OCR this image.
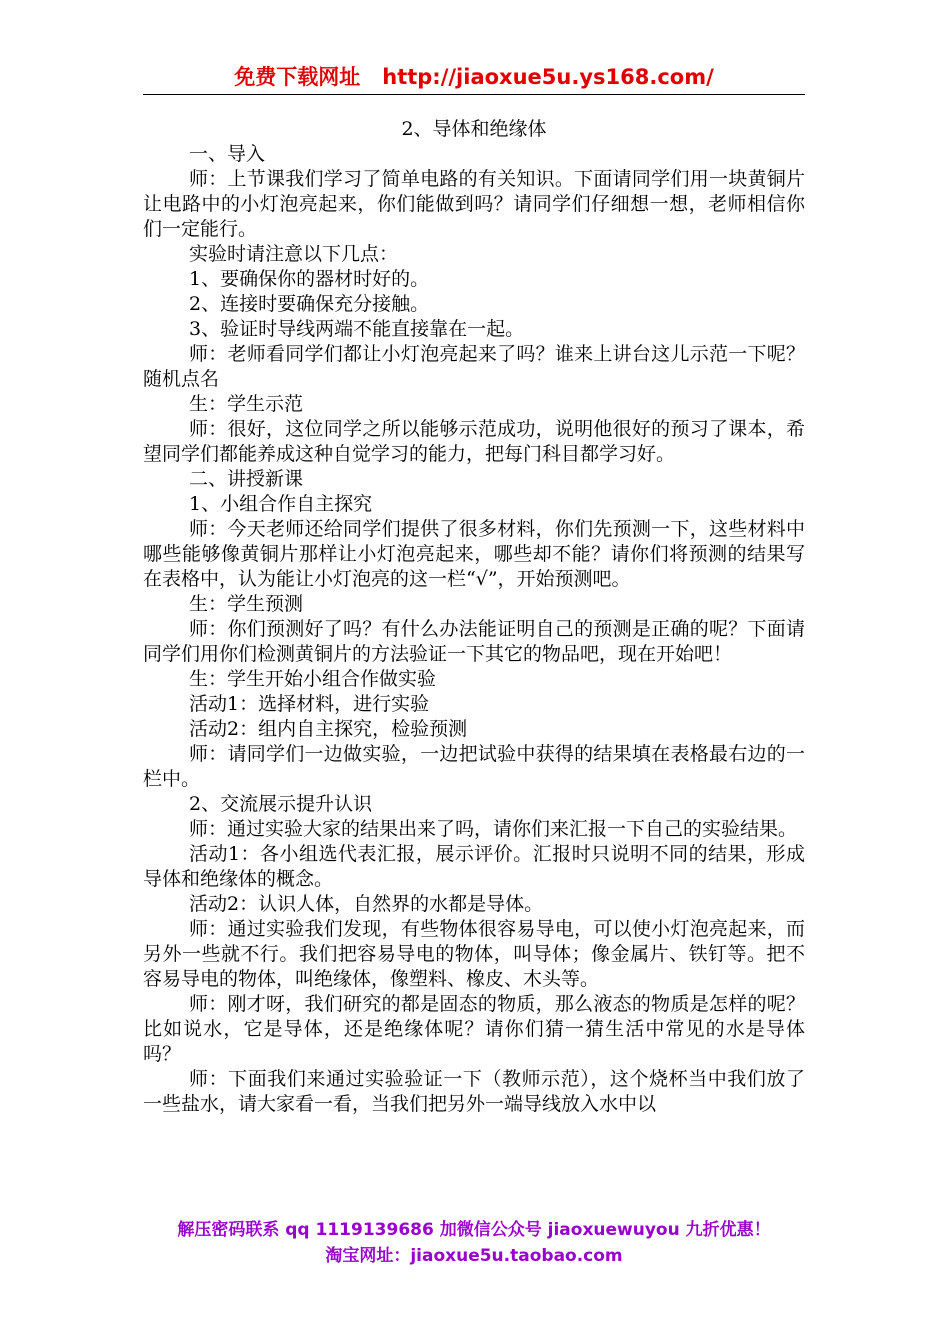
免费下载网址 http://jiaoxue5u.ys168.com/

2、导体和绝缘体

一、导入

师：上节课我们学习了简单电路的有关知识。下面请同学们用一块黄铜片让电路中的小灯泡亮起来，你们能做到吗？请同学们仔细想一想，老师相信你们一定能行。

实验时请注意以下几点：

1、要确保你的器材时好的。

2、连接时要确保充分接触。

3、验证时导线两端不能直接靠在一起。

师：老师看同学们都让小灯泡亮起来了吗？谁来上讲台这儿示范一下呢？随机点名

生：学生示范

师：很好，这位同学之所以能够示范成功，说明他很好的预习了课本，希望同学们都能养成这种自觉学习的能力，把每门科目都学习好。

二、讲授新课

1、小组合作自主探究

师：今天老师还给同学们提供了很多材料，你们先预测一下，这些材料中哪些能够像黄铜片那样让小灯泡亮起来，哪些却不能？请你们将预测的结果写在表格中，认为能让小灯泡亮的这一栏“√”，开始预测吧。

生：学生预测

师：你们预测好了吗？有什么办法能证明自己的预测是正确的呢？下面请同学们用你们检测黄铜片的方法验证一下其它的物品吧，现在开始吧！

生：学生开始小组合作做实验

活动1：选择材料，进行实验

活动2：组内自主探究，检验预测

师：请同学们一边做实验，一边把试验中获得的结果填在表格最右边的一栏中。

2、交流展示提升认识

师：通过实验大家的结果出来了吗，请你们来汇报一下自己的实验结果。

活动1：各小组选代表汇报，展示评价。汇报时只说明不同的结果，形成导体和绝缘体的概念。

活动2：认识人体，自然界的水都是导体。

师：通过实验我们发现，有些物体很容易导电，可以使小灯泡亮起来，而另外一些就不行。我们把容易导电的物体，叫导体；像金属片、铁钉等。把不容易导电的物体，叫绝缘体，像塑料、橡皮、木头等。

师：刚才呀，我们研究的都是固态的物质，那么液态的物质是怎样的呢？比如说水，它是导体，还是绝缘体呢？请你们猜一猜生活中常见的水是导体吗？

师：下面我们来通过实验验证一下（教师示范），这个烧杯当中我们放了一些盐水，请大家看一看，当我们把另外一端导线放入水中以

解压密码联系 qq 1119139686 加微信公众号 jiaoxuewuyou 九折优惠！
淘宝网址：jiaoxue5u.taobao.com
